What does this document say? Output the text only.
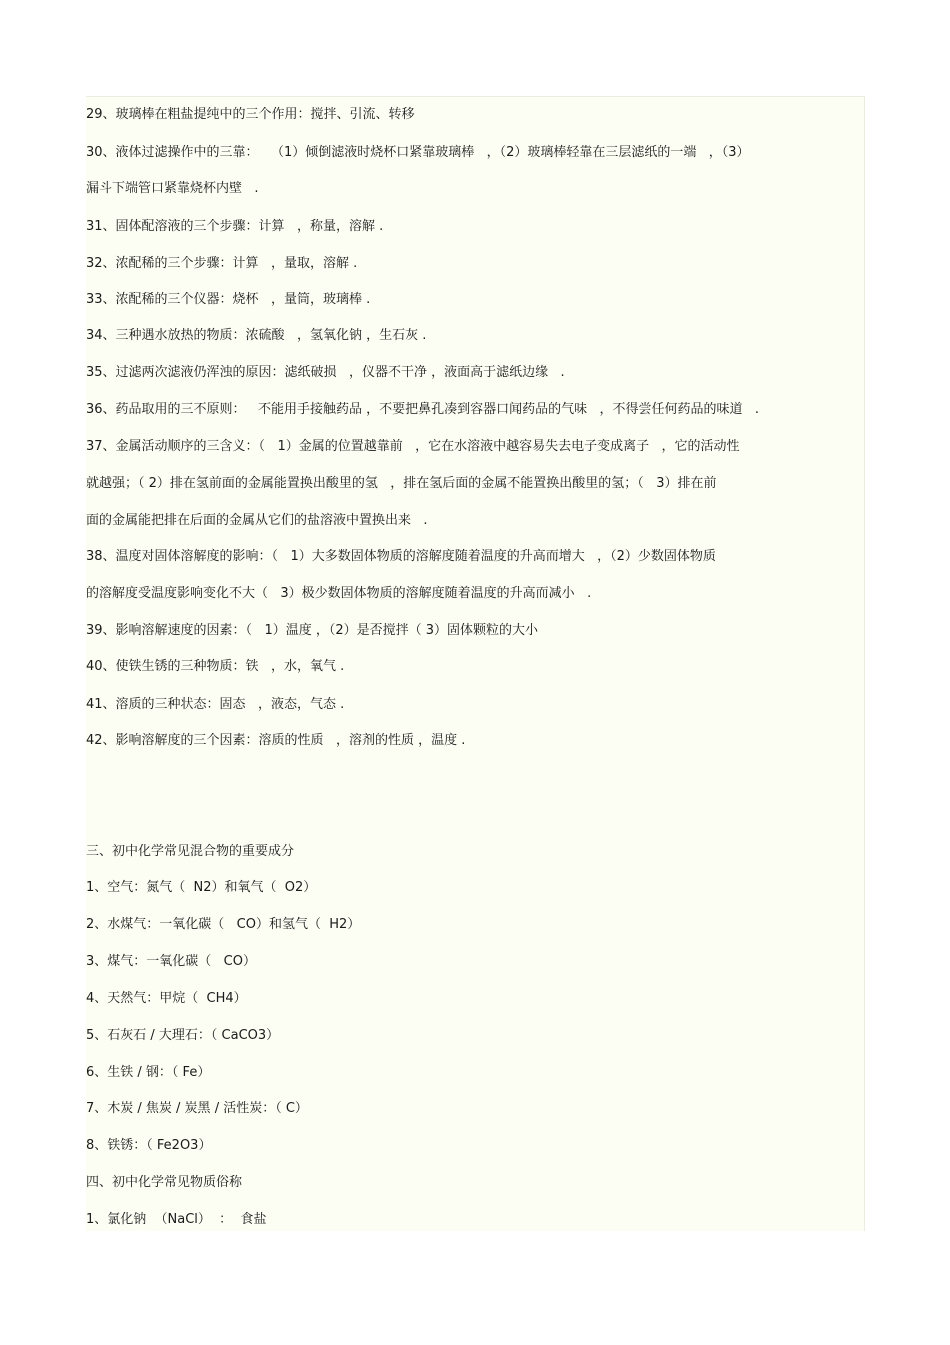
29、玻璃棒在粗盐提纯中的三个作用：搅拌、引流、转移
30、液体过滤操作中的三靠：   （1）倾倒滤液时烧杯口紧靠玻璃棒   ，（2）玻璃棒轻靠在三层滤纸的一端   ，（3）
漏斗下端管口紧靠烧杯内壁   .
31、固体配溶液的三个步骤：计算   ，称量，溶解 .
32、浓配稀的三个步骤：计算   ，量取，溶解 .
33、浓配稀的三个仪器：烧杯   ，量筒，玻璃棒 .
34、三种遇水放热的物质：浓硫酸   ，氢氧化钠 ，生石灰 .
35、过滤两次滤液仍浑浊的原因：滤纸破损   ，仪器不干净 ，液面高于滤纸边缘   .
36、药品取用的三不原则：   不能用手接触药品 ，不要把鼻孔凑到容器口闻药品的气味   ，不得尝任何药品的味道   .
37、金属活动顺序的三含义：（   1）金属的位置越靠前   ，它在水溶液中越容易失去电子变成离子   ，它的活动性
就越强；（ 2）排在氢前面的金属能置换出酸里的氢   ，排在氢后面的金属不能置换出酸里的氢；（   3）排在前
面的金属能把排在后面的金属从它们的盐溶液中置换出来   .
38、温度对固体溶解度的影响：（   1）大多数固体物质的溶解度随着温度的升高而增大   ，（2）少数固体物质
的溶解度受温度影响变化不大（   3）极少数固体物质的溶解度随着温度的升高而减小   .
39、影响溶解速度的因素：（   1）温度 ，（2）是否搅拌（ 3）固体颗粒的大小
40、使铁生锈的三种物质：铁   ，水，氧气 .
41、溶质的三种状态：固态   ，液态，气态 .
42、影响溶解度的三个因素：溶质的性质   ，溶剂的性质 ，温度 .
三、初中化学常见混合物的重要成分
1、空气：氮气（  N2）和氧气（  O2）
2、水煤气：一氧化碳（   CO）和氢气（  H2）
3、煤气：一氧化碳（   CO）
4、天然气：甲烷（  CH4）
5、石灰石 / 大理石：（ CaCO3）
6、生铁 / 钢：（ Fe）
7、木炭 / 焦炭 / 炭黑 / 活性炭：（ C）
8、铁锈：（ Fe2O3）
四、初中化学常见物质俗称
1、氯化钠  （NaCl）  ：  食盐
